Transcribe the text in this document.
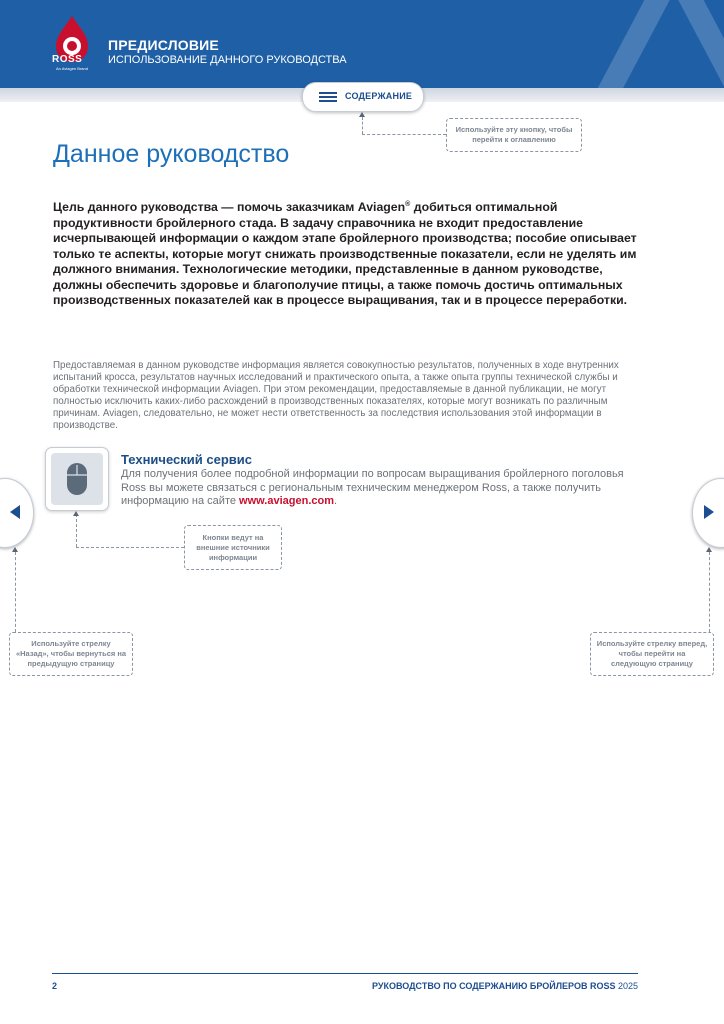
ROSS
An Aviagen Brand
ПРЕДИСЛОВИЕ
ИСПОЛЬЗОВАНИЕ ДАННОГО РУКОВОДСТВА
СОДЕРЖАНИЕ
Используйте эту кнопку, чтобы перейти к оглавлению
Данное руководство

Цель данного руководства — помочь заказчикам Aviagen® добиться оптимальной продуктивности бройлерного стада. В задачу справочника не входит предоставление исчерпывающей информации о каждом этапе бройлерного производства; пособие описывает только те аспекты, которые могут снижать производственные показатели, если не уделять им должного внимания. Технологические методики, представленные в данном руководстве, должны обеспечить здоровье и благополучие птицы, а также помочь достичь оптимальных производственных показателей как в процессе выращивания, так и в процессе переработки.

Предоставляемая в данном руководстве информация является совокупностью результатов, полученных в ходе внутренних испытаний кросса, результатов научных исследований и практического опыта, а также опыта группы технической службы и обработки технической информации Aviagen. При этом рекомендации, предоставляемые в данной публикации, не могут полностью исключить каких-либо расхождений в производственных показателях, которые могут возникать по различным причинам. Aviagen, следовательно, не может нести ответственность за последствия использования этой информации в производстве.

Технический сервис

Для получения более подробной информации по вопросам выращивания бройлерного поголовья Ross вы можете связаться с региональным техническим менеджером Ross, а также получить информацию на сайте www.aviagen.com.

Кнопки ведут на внешние источники информации
Используйте стрелку «Назад», чтобы вернуться на предыдущую страницу
Используйте стрелку вперед, чтобы перейти на следующую страницу
2	РУКОВОДСТВО ПО СОДЕРЖАНИЮ БРОЙЛЕРОВ ROSS 2025
